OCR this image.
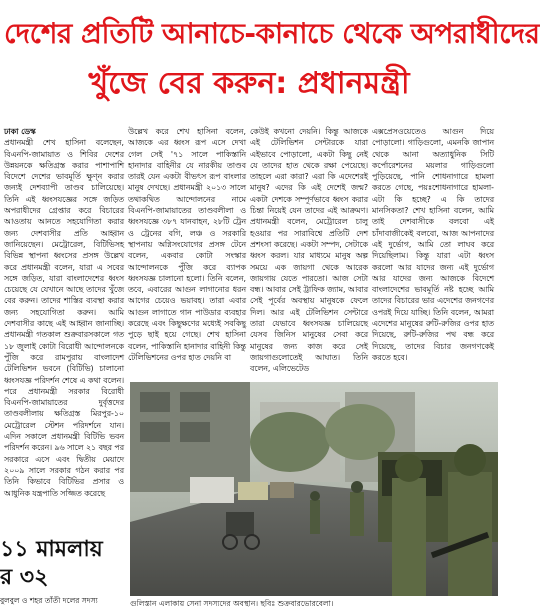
দেশের প্রতিটি আনাচে-কানাচে থেকে অপরাধীদের
খুঁজে বের করুন: প্রধানমন্ত্রী
ঢাকা ডেস্ক
প্রধানমন্ত্রী শেখ হাসিনা বলেছেন, বিএনপি-জামায়াত ও শিবির দেশের উন্নয়নকে ক্ষতিগ্রস্ত করার পাশাপাশি বিদেশে দেশের ভাবমূর্তি ক্ষুণ্ন করার জন্যই দেশব্যাপী তাণ্ডব চালিয়েছে। তিনি এই ধ্বংসযজ্ঞের সঙ্গে জড়িত অপরাধীদের গ্রেপ্তার করে বিচারের আওতায় আনতে সহযোগিতা করার জন্য দেশবাসীর প্রতি আহ্বান জানিয়েছেন। মেট্রোরেল, বিটিভিসহ বিভিন্ন স্থাপনা ধ্বংসের প্রসঙ্গ উল্লেখ করে প্রধানমন্ত্রী বলেন, যারা এ সবের সঙ্গে জড়িত, যারা বাংলাদেশের ধ্বংস চেয়েছে যে যেখানে আছে তাদের খুঁজে বের করুন। তাদের শাস্তির ব্যবস্থা করার জন্য সহযোগিতা করুন। আমি দেশবাসীর কাছে এই আহ্বান জানাচ্ছি। প্রধানমন্ত্রী গতকাল শুক্রবারসকালে গত ১৮ জুলাই কোটা বিরোধী আন্দোলনকে পুঁজি করে রামপুরায় বাংলাদেশ টেলিভিশন ভবনে (বিটিভি) চালানো ধ্বংসযজ্ঞ পরিদর্শন শেষে এ কথা বলেন। পরে প্রধানমন্ত্রী সরকার বিরোধী বিএনপি-জামায়াতের দুর্বৃত্তদের তাণ্ডবলীলায় ক্ষতিগ্রস্ত মিরপুর-১০ মেট্রোরেল স্টেশন পরিদর্শনে যান। এদিন সকালে প্রধানমন্ত্রী বিটিভি ভবন পরিদর্শন করেন। ৯৬ সালে ২১ বছর পর সরকারে এসে এবং দ্বিতীয় মেয়াদে ২০০৯ সালে সরকার গঠন করার পর তিনি কিভাবে বিটিভির প্রসার ও আধুনিক যন্ত্রপাতি সজ্জিত করেছে
উল্লেখ করে শেখ হাসিনা বলেন, আজকে এর ধ্বংস রূপ এসে দেখা গেল সেই '৭১ সালে পাকিস্তানি হানাদার বাহিনীর যে নারকীয় তাণ্ডব তারই যেন একটা বীভৎস রূপ বাংলার মানুষ দেখছে। প্রধানমন্ত্রী ২০১৩ সালে তথাকথিত আন্দোলনের নামে বিএনপি-জামায়াতের তাণ্ডবলীলা ও ধ্বংসযজ্ঞে ৩৮৭ যানবাহন, ২৮টি ট্রেন ও ট্রেনের বগি, লঞ্চ ও সরকারি স্থাপনায় অগ্নিসংযোগের প্রসঙ্গ টেনে বলেন, একবার কোটা সংস্কার আন্দোলনকে পুঁজি করে ব্যাপক ধ্বংসযজ্ঞ চালানো হলো। তিনি বলেন, তবে, এবারের আগুন লাগানোর ধরন আগের চেয়েও ভয়াবহ। তারা এবার আগুন লাগাতে গান পাউডার ব্যবহার করেছে এবং কিছুক্ষণের মধ্যেই সবকিছু পুড়ে ছাই হয়ে গেছে। শেখ হাসিনা বলেন, পাকিস্তানি হানাদার বাহিনী কিন্তু টেলিভিশনের ওপর হাত দেয়নি বা
কেউই কখনো দেয়নি। কিন্তু আজকে এই টেলিভিশন সেন্টারকে যারা এইভাবে পোড়ালো, একটা কিছু নেই যে তাদের হাত থেকে রক্ষা পেয়েছে। তাহলে এরা কারা? এরা কি এদেশেরই মানুষ? এদের কি এই দেশেই জন্ম? একটা দেশকে সম্পূর্ণভাবে ধ্বংস করার চিন্তা নিয়েই যেন তাদের এই আক্রমণ। প্রধানমন্ত্রী বলেন, মেট্রোরেল চালু হওয়ার পর সারাবিশ্বে প্রতিটি দেশ প্রশংসা করেছে। একটা সম্পদ, সেটাকে ধ্বংস করল। যার মাধ্যমে মানুষ অল্প সময়ে এক জায়গা থেকে আরেক জায়গায় যেতে পারতো। আজ সেটা বন্ধ। আবার সেই ট্রাফিক জ্যাম, আবার সেই পূর্বের অবস্থায় মানুষকে ফেলে দিল। আর এই টেলিভিশন সেন্টারে তারা যেভাবে ধ্বংসযজ্ঞ চালিয়েছে যেসব জিনিস মানুষের সেবা করে মানুষের জন্য কাজ করে সেই জায়গাগুলোতেই আঘাত। তিনি বলেন, এলিভেটেড
এক্সপ্রেসওয়েতেও আগুন দিয়ে পোড়ালো। গাড়িগুলো, এমনকি জাপান থেকে আনা অত্যাধুনিক সিটি কর্পোরেশনের ময়লার গাড়িগুলো পুড়িয়েছে, পানি শোধনাগারে হামলা করতে গেছে, পয়ঃশোধনাগারে হামলা-এটা কি হচ্ছে? এ কি তাদের মানসিকতা? শেখ হাসিনা বলেন, আমি তাই দেশবাসীকে বলবো এই চাঁদাবাজীকেই বলবো, আজ আপনাদের এই দুর্ভোগ, আমি তো লাঘব করে দিয়েছিলাম। কিন্তু যারা এটা ধ্বংস করলো আর যাদের জন্য এই দুর্ভোগ আর যাদের জন্য আজকে বিদেশে বাংলাদেশের ভাবমূর্তি নষ্ট হচ্ছে আমি তাদের বিচারের ভার এদেশের জনগণের ওপরই দিয়ে যাচ্ছি। তিনি বলেন, আমরা এদেশের মানুষের রুটি-রুজির ওপর হাত দিয়েছে, রুটি-রুজির পথ বন্ধ করে দিয়েছে, তাদের বিচার জনগণকেই করতে হবে।
১১ মামলায়
র ৩২
বুলবুল ও শহর তাঁতী দলের সদস্য	গুলিস্তান এলাকায় সেনা সদস্যদের অবস্থান। ছবিঃ শুক্রবারভোরবেলা।
